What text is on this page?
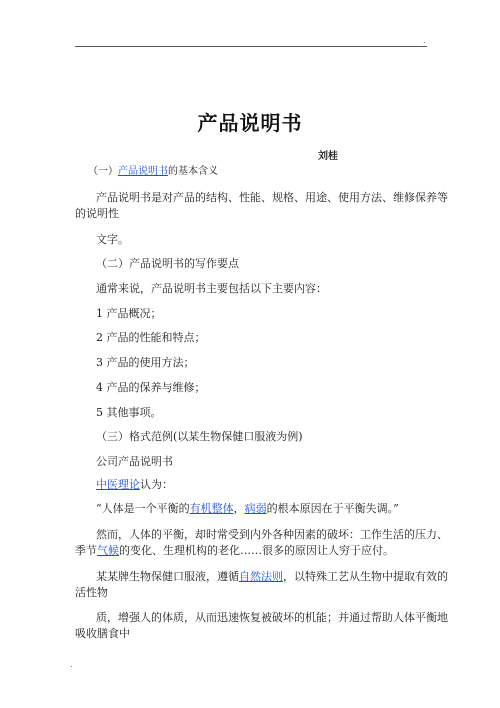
.
产品说明书
刘桂
（一）产品说明书的基本含义
产品说明书是对产品的结构、性能、规格、用途、使用方法、维修保养等
的说明性
文字。
（二）产品说明书的写作要点
通常来说，产品说明书主要包括以下主要内容：
1 产品概况；
2 产品的性能和特点；
3 产品的使用方法；
4 产品的保养与维修；
5 其他事项。
（三）格式范例(以某生物保健口服液为例)
公司产品说明书
中医理论认为：
“人体是一个平衡的有机整体，病弱的根本原因在于平衡失调。”
然而，人体的平衡，却时常受到内外各种因素的破坏：工作生活的压力、
季节气候的变化、生理机构的老化……很多的原因让人穷于应付。
某某牌生物保健口服液，遵循自然法则，以特殊工艺从生物中提取有效的
活性物
质，增强人的体质，从而迅速恢复被破坏的机能；并通过帮助人体平衡地
吸收膳食中
.
